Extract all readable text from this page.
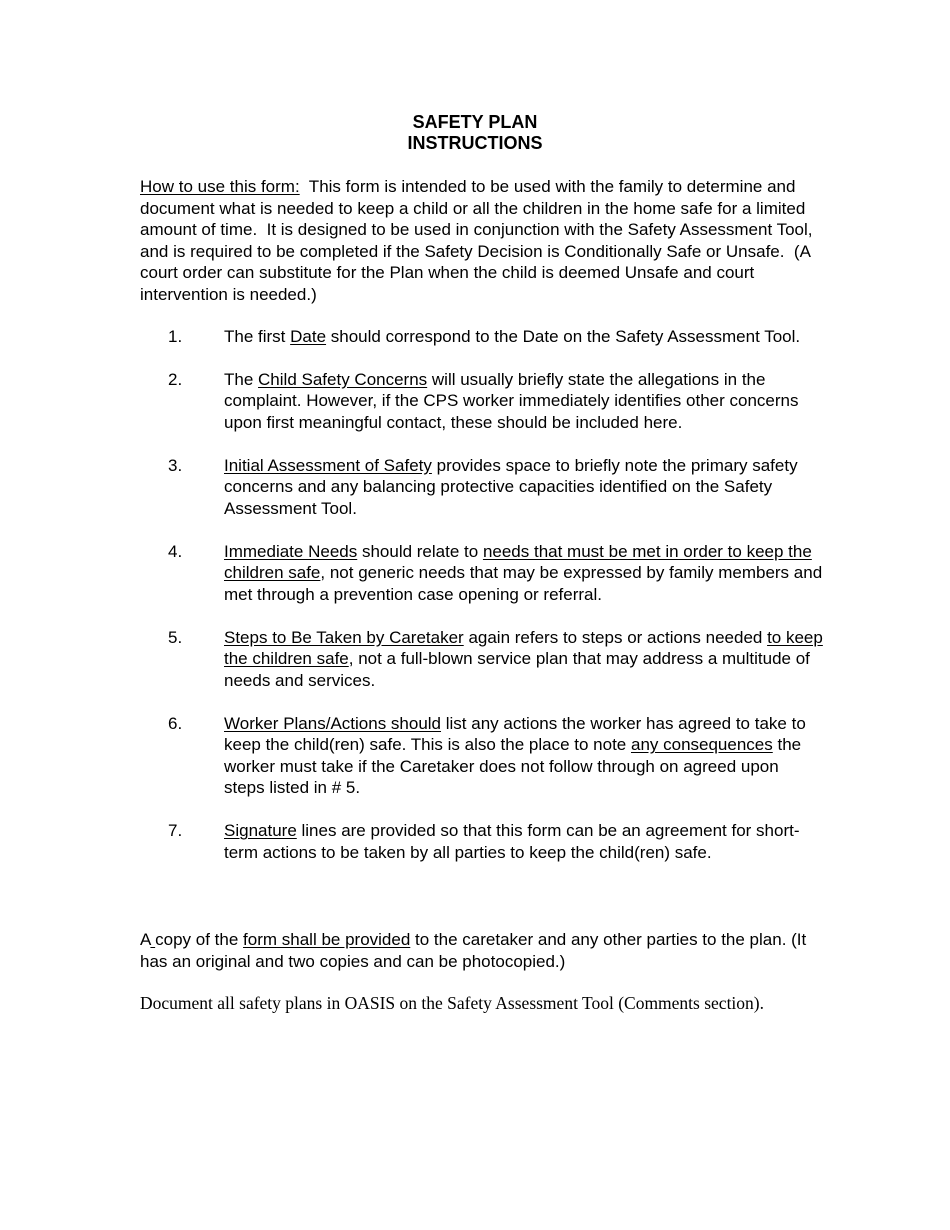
SAFETY PLAN
INSTRUCTIONS
How to use this form:  This form is intended to be used with the family to determine and document what is needed to keep a child or all the children in the home safe for a limited amount of time.  It is designed to be used in conjunction with the Safety Assessment Tool, and is required to be completed if the Safety Decision is Conditionally Safe or Unsafe.  (A court order can substitute for the Plan when the child is deemed Unsafe and court intervention is needed.)
1.	The first Date should correspond to the Date on the Safety Assessment Tool.
2.	The Child Safety Concerns will usually briefly state the allegations in the complaint. However, if the CPS worker immediately identifies other concerns upon first meaningful contact, these should be included here.
3.	Initial Assessment of Safety provides space to briefly note the primary safety concerns and any balancing protective capacities identified on the Safety Assessment Tool.
4.	Immediate Needs should relate to needs that must be met in order to keep the children safe, not generic needs that may be expressed by family members and met through a prevention case opening or referral.
5.	Steps to Be Taken by Caretaker again refers to steps or actions needed to keep the children safe, not a full-blown service plan that may address a multitude of needs and services.
6.	Worker Plans/Actions should list any actions the worker has agreed to take to keep the child(ren) safe. This is also the place to note any consequences the worker must take if the Caretaker does not follow through on agreed upon steps listed in # 5.
7.	Signature lines are provided so that this form can be an agreement for short-term actions to be taken by all parties to keep the child(ren) safe.
A copy of the form shall be provided to the caretaker and any other parties to the plan. (It has an original and two copies and can be photocopied.)
Document all safety plans in OASIS on the Safety Assessment Tool (Comments section).
